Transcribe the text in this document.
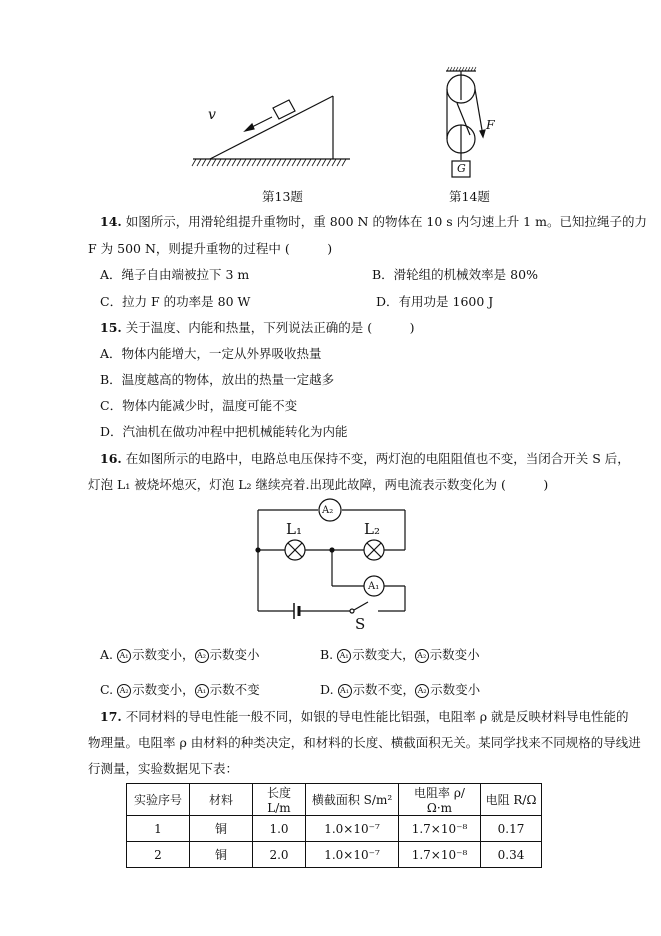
v
F
G
第13题	第14题
14. 如图所示，用滑轮组提升重物时，重 800 N 的物体在 10 s 内匀速上升 1 m。已知拉绳子的力
F 为 500 N，则提升重物的过程中 (　　　)
A．绳子自由端被拉下 3 m	B．滑轮组的机械效率是 80%
C．拉力 F 的功率是 80 W	D．有用功是 1600 J
15. 关于温度、内能和热量，下列说法正确的是 (　　　)
A．物体内能增大，一定从外界吸收热量
B．温度越高的物体，放出的热量一定越多
C．物体内能减少时，温度可能不变
D．汽油机在做功冲程中把机械能转化为内能
16. 在如图所示的电路中，电路总电压保持不变，两灯泡的电阻阻值也不变，当闭合开关 S 后，
灯泡 L₁ 被烧坏熄灭，灯泡 L₂ 继续亮着.出现此故障，两电流表示数变化为 (　　　)
A₂
A₁
L₁	L₂
S
A. A₁ 示数变小， A₂ 示数变小	B. A₁ 示数变大， A₂ 示数变小
C. A₂ 示数变小， A₁ 示数不变	D. A₁ 示数不变， A₂ 示数变小
17. 不同材料的导电性能一般不同，如银的导电性能比铝强，电阻率 ρ 就是反映材料导电性能的
物理量。电阻率 ρ 由材料的种类决定，和材料的长度、横截面积无关。某同学找来不同规格的导线进
行测量，实验数据见下表：
实验序号	材料	长度 L/m	横截面积 S/m²	电阻率 ρ/Ω·m	电阻 R/Ω
1	铜	1.0	1.0×10⁻⁷	1.7×10⁻⁸	0.17
2	铜	2.0	1.0×10⁻⁷	1.7×10⁻⁸	0.34
